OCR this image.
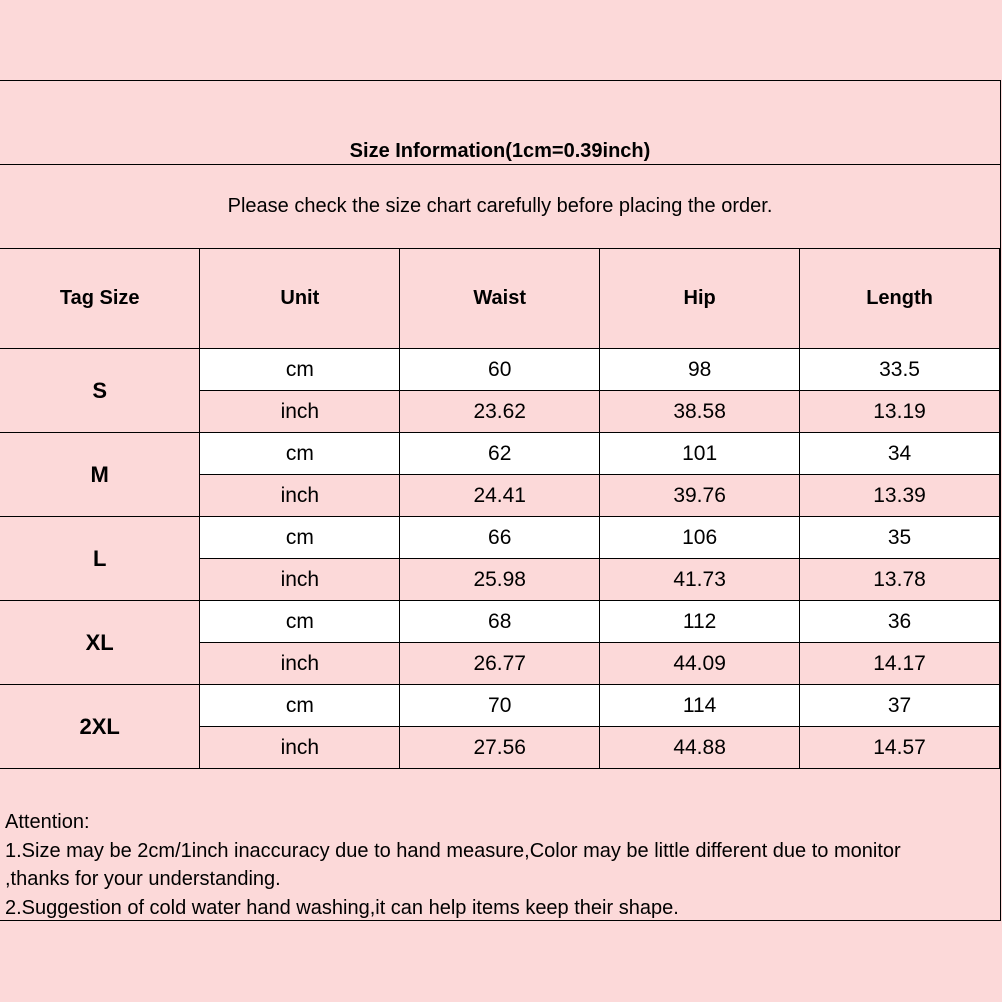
Size Information(1cm=0.39inch)
Please check the size chart carefully before placing the order.
Tag Size	Unit	Waist	Hip	Length
S	cm	60	98	33.5
	inch	23.62	38.58	13.19
M	cm	62	101	34
	inch	24.41	39.76	13.39
L	cm	66	106	35
	inch	25.98	41.73	13.78
XL	cm	68	112	36
	inch	26.77	44.09	14.17
2XL	cm	70	114	37
	inch	27.56	44.88	14.57
Attention:
1.Size may be 2cm/1inch inaccuracy due to hand measure,Color may be little different due to monitor
,thanks for your understanding.
2.Suggestion of cold water hand washing,it can help items keep their shape.
